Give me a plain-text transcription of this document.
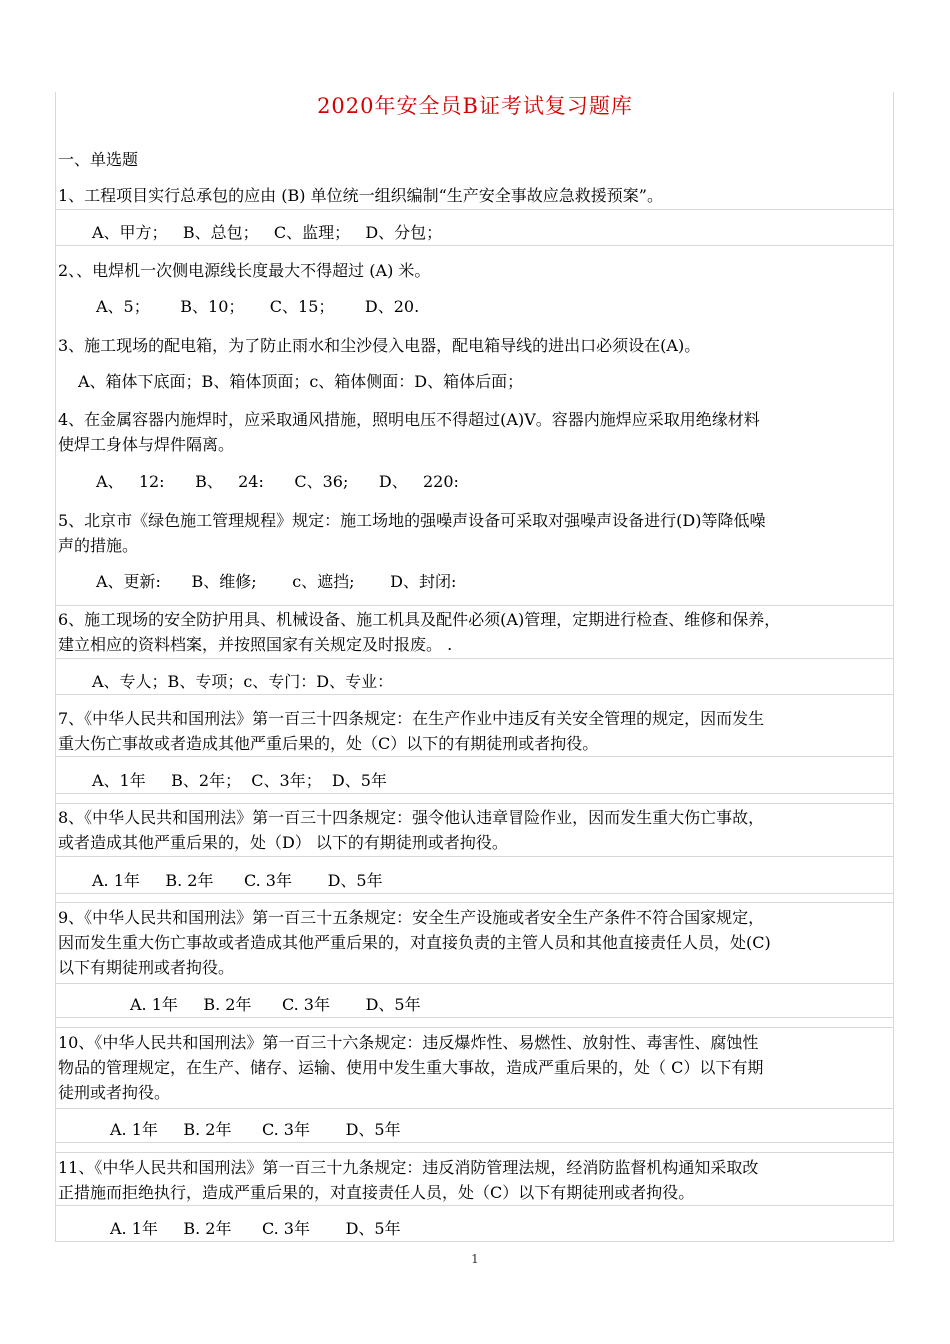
2020年安全员B证考试复习题库
一、单选题
1、工程项目实行总承包的应由 (B) 单位统一组织编制“生产安全事故应急救援预案”。
A、甲方；   B、总包；   C、监理；   D、分包；
2、、电焊机一次侧电源线长度最大不得超过 (A) 米。
A、5；      B、10；     C、15；      D、20.
3、施工现场的配电箱，为了防止雨水和尘沙侵入电器，配电箱导线的进出口必须设在(A)。
A、箱体下底面；B、箱体顶面；c、箱体侧面：D、箱体后面；
4、在金属容器内施焊时，应采取通风措施，照明电压不得超过(A)V。容器内施焊应采取用绝缘材料
使焊工身体与焊件隔离。
A、   12:      B、   24:      C、36;      D、   220:
5、北京市《绿色施工管理规程》规定：施工场地的强噪声设备可采取对强噪声设备进行(D)等降低噪
声的措施。
A、更新:      B、维修;       c、遮挡;       D、封闭:
6、施工现场的安全防护用具、机械设备、施工机具及配件必须(A)管理，定期进行检查、维修和保养，
建立相应的资料档案，并按照国家有关规定及时报废。 .
A、专人；B、专项；c、专门：D、专业：
7、《中华人民共和国刑法》第一百三十四条规定：在生产作业中违反有关安全管理的规定，因而发生
重大伤亡事故或者造成其他严重后果的，处（C）以下的有期徒刑或者拘役。
A、1年     B、2年；  C、3年；  D、5年
8、《中华人民共和国刑法》第一百三十四条规定：强令他认违章冒险作业，因而发生重大伤亡事故，
或者造成其他严重后果的，处（D） 以下的有期徒刑或者拘役。
A. 1年     B. 2年      C. 3年       D、5年
9、《中华人民共和国刑法》第一百三十五条规定：安全生产设施或者安全生产条件不符合国家规定，
因而发生重大伤亡事故或者造成其他严重后果的，对直接负责的主管人员和其他直接责任人员，处(C)
以下有期徒刑或者拘役。
A. 1年     B. 2年      C. 3年       D、5年
10、《中华人民共和国刑法》第一百三十六条规定：违反爆炸性、易燃性、放射性、毒害性、腐蚀性
物品的管理规定，在生产、储存、运输、使用中发生重大事故，造成严重后果的，处（ C）以下有期
徒刑或者拘役。
A. 1年     B. 2年      C. 3年       D、5年
11、《中华人民共和国刑法》第一百三十九条规定：违反消防管理法规，经消防监督机构通知采取改
正措施而拒绝执行，造成严重后果的，对直接责任人员，处（C）以下有期徒刑或者拘役。
A. 1年     B. 2年      C. 3年       D、5年
1
